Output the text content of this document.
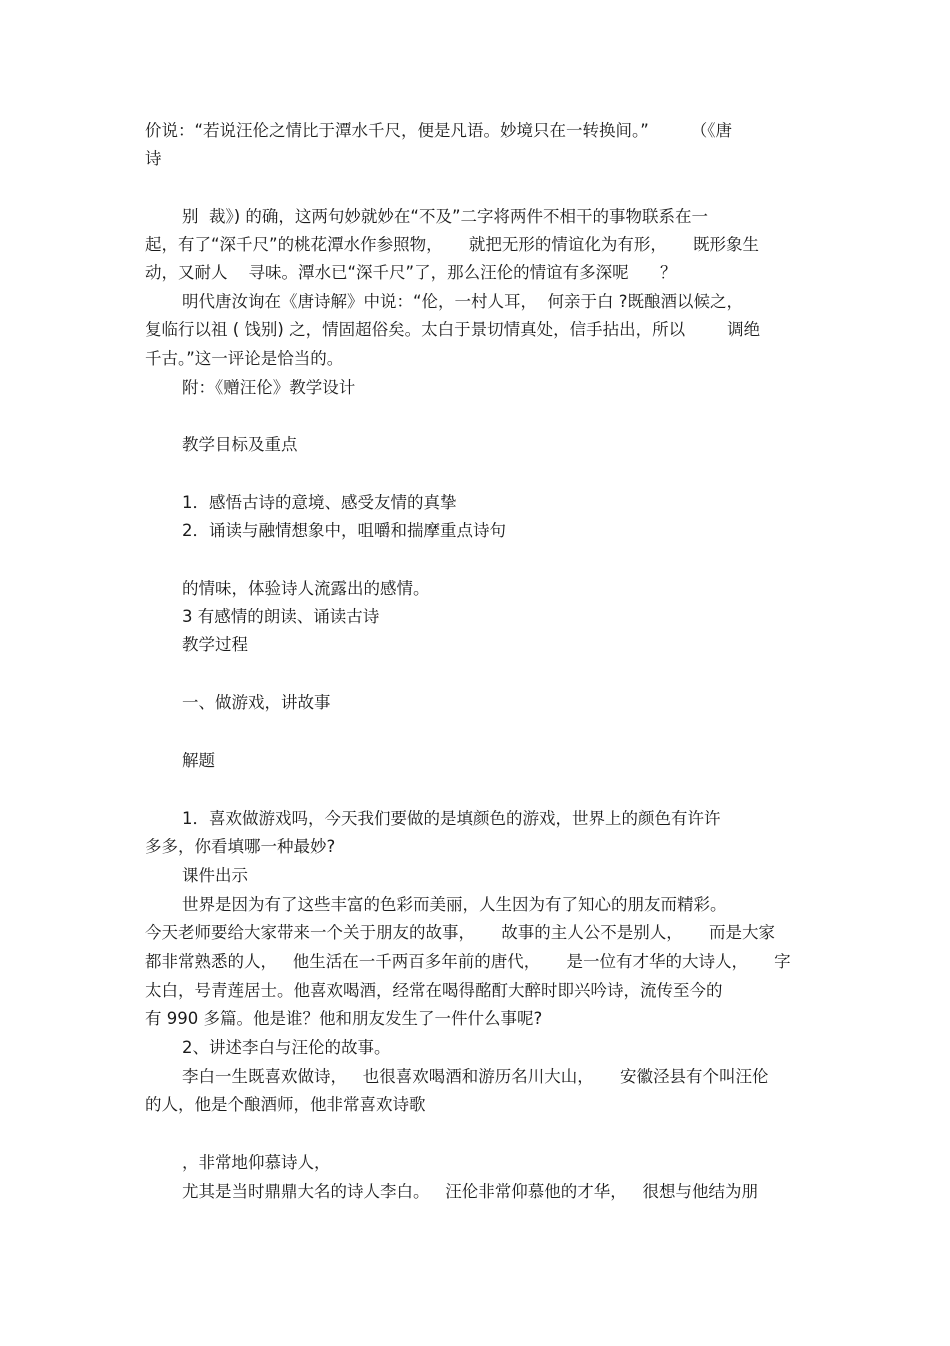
价说：“若说汪伦之情比于潭水千尺，便是凡语。妙境只在一转换间。”        （《唐
诗
别  裁》) 的确，这两句妙就妙在“不及”二字将两件不相干的事物联系在一
起，有了“深千尺”的桃花潭水作参照物，     就把无形的情谊化为有形，     既形象生
动，又耐人    寻味。潭水已“深千尺”了，那么汪伦的情谊有多深呢      ？
明代唐汝询在《唐诗解》中说：“伦，一村人耳，  何亲于白 ?既酿酒以候之，
复临行以祖 ( 饯别) 之，情固超俗矣。太白于景切情真处，信手拈出，所以        调绝
千古。”这一评论是恰当的。
附：《赠汪伦》教学设计
教学目标及重点
1．感悟古诗的意境、感受友情的真挚
2．诵读与融情想象中，咀嚼和揣摩重点诗句
的情味，体验诗人流露出的感情。
3 有感情的朗读、诵读古诗
教学过程
一、做游戏，讲故事
解题
1．喜欢做游戏吗，今天我们要做的是填颜色的游戏，世界上的颜色有许许
多多，你看填哪一种最妙?
课件出示
世界是因为有了这些丰富的色彩而美丽，人生因为有了知心的朋友而精彩。
今天老师要给大家带来一个关于朋友的故事，     故事的主人公不是别人，     而是大家
都非常熟悉的人，   他生活在一千两百多年前的唐代，     是一位有才华的大诗人，     字
太白，号青莲居士。他喜欢喝酒，经常在喝得酩酊大醉时即兴吟诗，流传至今的
有 990 多篇。他是谁？他和朋友发生了一件什么事呢?
2、讲述李白与汪伦的故事。
李白一生既喜欢做诗，   也很喜欢喝酒和游历名川大山，     安徽泾县有个叫汪伦
的人，他是个酿酒师，他非常喜欢诗歌
，非常地仰慕诗人，
尤其是当时鼎鼎大名的诗人李白。   汪伦非常仰慕他的才华，   很想与他结为朋
